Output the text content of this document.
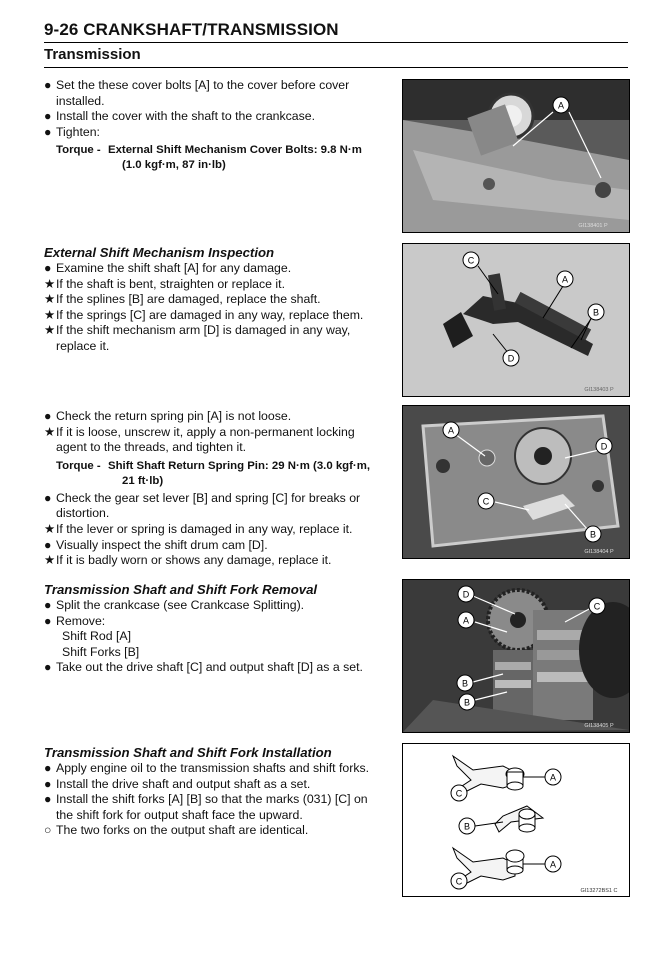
9-26 CRANKSHAFT/TRANSMISSION
Transmission
● Set the these cover bolts [A] to the cover before cover installed.
● Install the cover with the shaft to the crankcase.
● Tighten:
Torque - External Shift Mechanism Cover Bolts: 9.8 N·m
(1.0 kgf·m, 87 in·lb)
A
GI138401 P
External Shift Mechanism Inspection
● Examine the shift shaft [A] for any damage.
★ If the shaft is bent, straighten or replace it.
★ If the splines [B] are damaged, replace the shaft.
★ If the springs [C] are damaged in any way, replace them.
★ If the shift mechanism arm [D] is damaged in any way, replace it.
C
A
B
D
GI138403 P
● Check the return spring pin [A] is not loose.
★ If it is loose, unscrew it, apply a non-permanent locking agent to the threads, and tighten it.
Torque - Shift Shaft Return Spring Pin: 29 N·m (3.0 kgf·m,
21 ft·lb)
● Check the gear set lever [B] and spring [C] for breaks or distortion.
★ If the lever or spring is damaged in any way, replace it.
● Visually inspect the shift drum cam [D].
★ If it is badly worn or shows any damage, replace it.
A
D
C
B
GI138404 P
Transmission Shaft and Shift Fork Removal
● Split the crankcase (see Crankcase Splitting).
● Remove:
Shift Rod [A]
Shift Forks [B]
● Take out the drive shaft [C] and output shaft [D] as a set.
D
A
C
B
B
GI138405 P
Transmission Shaft and Shift Fork Installation
● Apply engine oil to the transmission shafts and shift forks.
● Install the drive shaft and output shaft as a set.
● Install the shift forks [A] [B] so that the marks (031) [C] on the shift fork for output shaft face the upward.
○ The two forks on the output shaft are identical.
A
C
B
A
C
GI13272BS1 C
